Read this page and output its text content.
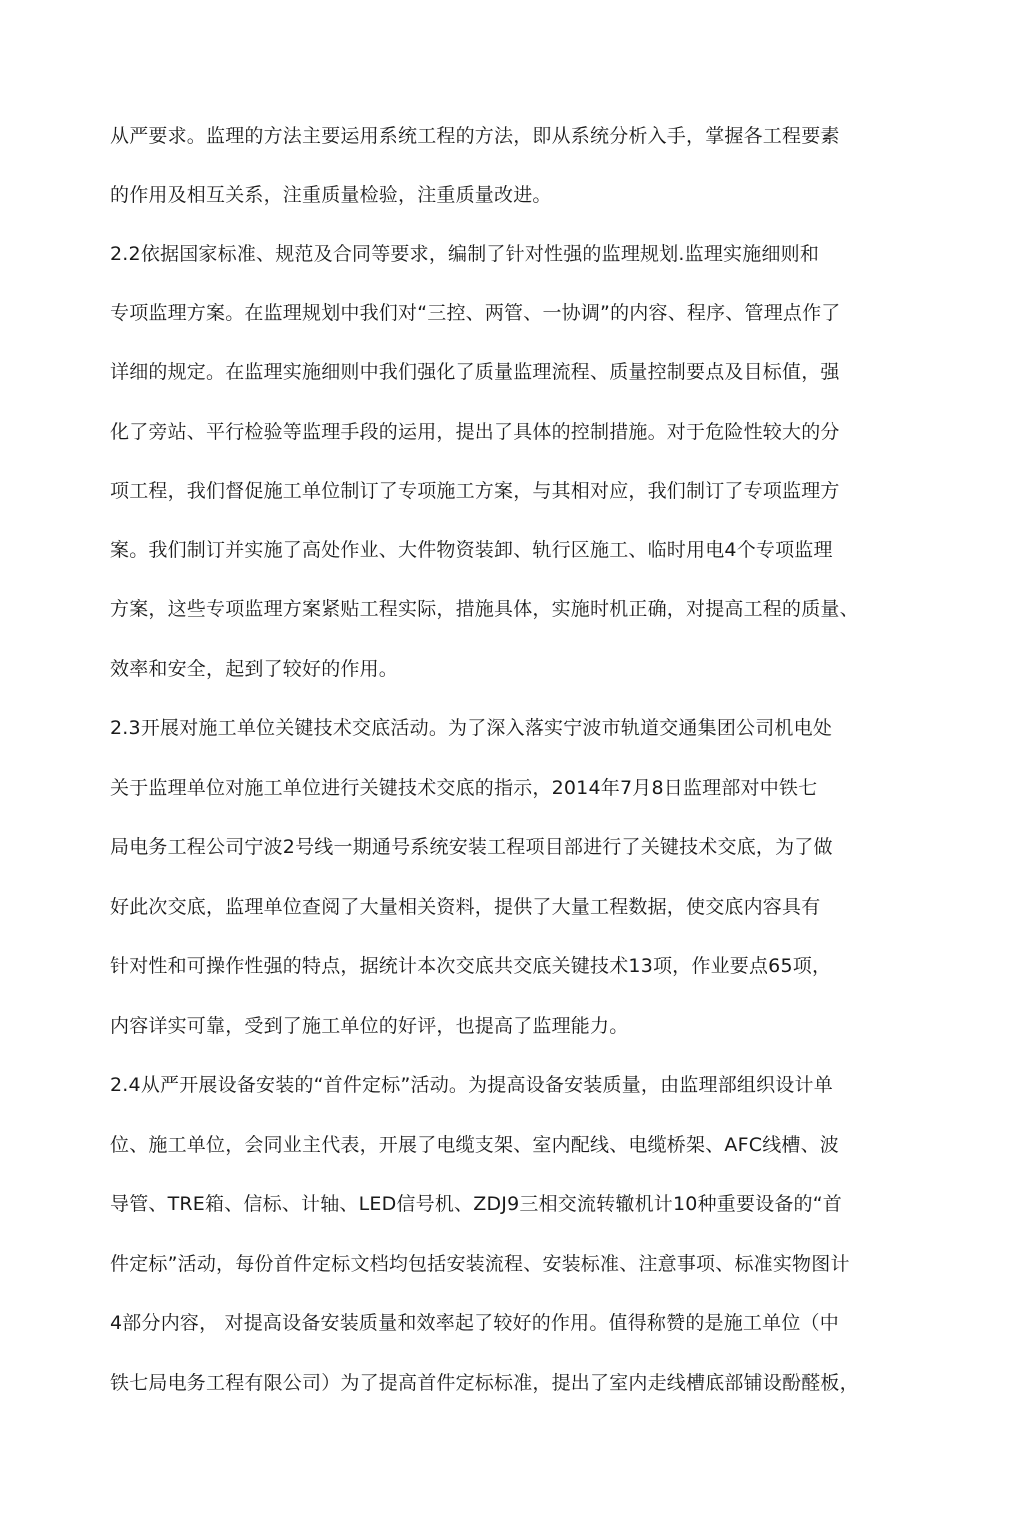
从严要求。监理的方法主要运用系统工程的方法，即从系统分析入手，掌握各工程要素
的作用及相互关系，注重质量检验，注重质量改进。
2.2依据国家标准、规范及合同等要求，编制了针对性强的监理规划.监理实施细则和
专项监理方案。在监理规划中我们对“三控、两管、一协调”的内容、程序、管理点作了
详细的规定。在监理实施细则中我们强化了质量监理流程、质量控制要点及目标值，强
化了旁站、平行检验等监理手段的运用，提出了具体的控制措施。对于危险性较大的分
项工程，我们督促施工单位制订了专项施工方案，与其相对应，我们制订了专项监理方
案。我们制订并实施了高处作业、大件物资装卸、轨行区施工、临时用电4个专项监理
方案，这些专项监理方案紧贴工程实际，措施具体，实施时机正确，对提高工程的质量、
效率和安全，起到了较好的作用。
2.3开展对施工单位关键技术交底活动。为了深入落实宁波市轨道交通集团公司机电处
关于监理单位对施工单位进行关键技术交底的指示，2014年7月8日监理部对中铁七
局电务工程公司宁波2号线一期通号系统安装工程项目部进行了关键技术交底，为了做
好此次交底，监理单位查阅了大量相关资料，提供了大量工程数据，使交底内容具有
针对性和可操作性强的特点，据统计本次交底共交底关键技术13项，作业要点65项，
内容详实可靠，受到了施工单位的好评，也提高了监理能力。
2.4从严开展设备安装的“首件定标”活动。为提高设备安装质量，由监理部组织设计单
位、施工单位，会同业主代表，开展了电缆支架、室内配线、电缆桥架、AFC线槽、波
导管、TRE箱、信标、计轴、LED信号机、ZDJ9三相交流转辙机计10种重要设备的“首
件定标”活动，每份首件定标文档均包括安装流程、安装标准、注意事项、标准实物图计
4部分内容， 对提高设备安装质量和效率起了较好的作用。值得称赞的是施工单位（中
铁七局电务工程有限公司）为了提高首件定标标准，提出了室内走线槽底部铺设酚醛板，
